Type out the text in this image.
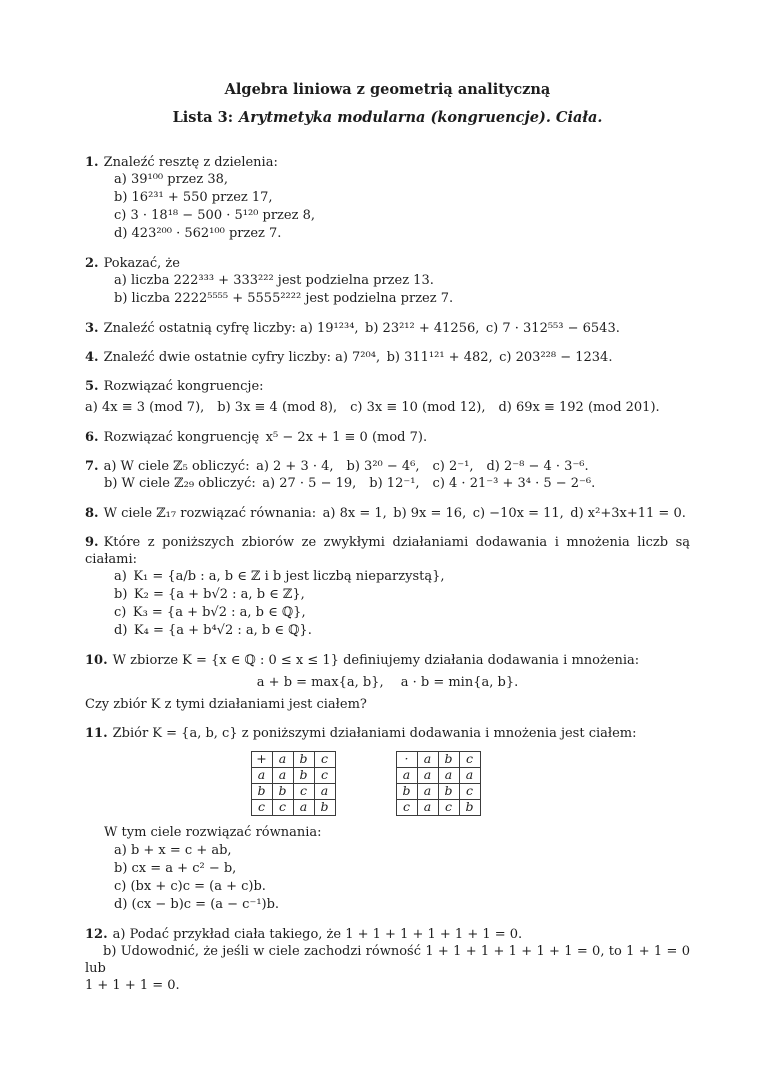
Algebra liniowa z geometrią analityczną
Lista 3: Arytmetyka modularna (kongruencje). Ciała.
1. Znaleźć resztę z dzielenia:
a) 39¹⁰⁰ przez 38,
b) 16²³¹ + 550 przez 17,
c) 3 · 18¹⁸ − 500 · 5¹²⁰ przez 8,
d) 423²⁰⁰ · 562¹⁰⁰ przez 7.
2. Pokazać, że
a) liczba 222³³³ + 333²²² jest podzielna przez 13.
b) liczba 2222⁵⁵⁵⁵ + 5555²²²² jest podzielna przez 7.
3. Znaleźć ostatnią cyfrę liczby: a) 19¹²³⁴, b) 23²¹² + 41256, c) 7 · 312⁵⁵³ − 6543.
4. Znaleźć dwie ostatnie cyfry liczby: a) 7²⁰⁴, b) 311¹²¹ + 482, c) 203²²⁸ − 1234.
5. Rozwiązać kongruencje:
a) 4x ≡ 3 (mod 7), b) 3x ≡ 4 (mod 8), c) 3x ≡ 10 (mod 12), d) 69x ≡ 192 (mod 201).
6. Rozwiązać kongruencję x⁵ − 2x + 1 ≡ 0 (mod 7).
7. a) W ciele ℤ₅ obliczyć: a) 2 + 3 · 4, b) 3²⁰ − 4⁶, c) 2⁻¹, d) 2⁻⁸ − 4 · 3⁻⁶.
b) W ciele ℤ₂₉ obliczyć: a) 27 · 5 − 19, b) 12⁻¹, c) 4 · 21⁻³ + 3⁴ · 5 − 2⁻⁶.
8. W ciele ℤ₁₇ rozwiązać równania: a) 8x = 1, b) 9x = 16, c) −10x = 11, d) x²+3x+11 = 0.
9. Które z poniższych zbiorów ze zwykłymi działaniami dodawania i mnożenia liczb są
ciałami:
a) K₁ = {a/b : a, b ∈ ℤ i b jest liczbą nieparzystą},
b) K₂ = {a + b√2 : a, b ∈ ℤ},
c) K₃ = {a + b√2 : a, b ∈ ℚ},
d) K₄ = {a + b⁴√2 : a, b ∈ ℚ}.
10. W zbiorze K = {x ∈ ℚ : 0 ≤ x ≤ 1} definiujemy działania dodawania i mnożenia:
a + b = max{a, b},  a · b = min{a, b}.
Czy zbiór K z tymi działaniami jest ciałem?
11. Zbiór K = {a, b, c} z poniższymi działaniami dodawania i mnożenia jest ciałem:
+	a	b	c
a	a	b	c
b	b	c	a
c	c	a	b
·	a	b	c
a	a	a	a
b	a	b	c
c	a	c	b
W tym ciele rozwiązać równania:
a) b + x = c + ab,
b) cx = a + c² − b,
c) (bx + c)c = (a + c)b.
d) (cx − b)c = (a − c⁻¹)b.
12. a) Podać przykład ciała takiego, że 1 + 1 + 1 + 1 + 1 + 1 = 0.
b) Udowodnić, że jeśli w ciele zachodzi równość 1 + 1 + 1 + 1 + 1 + 1 = 0, to 1 + 1 = 0 lub
1 + 1 + 1 = 0.
